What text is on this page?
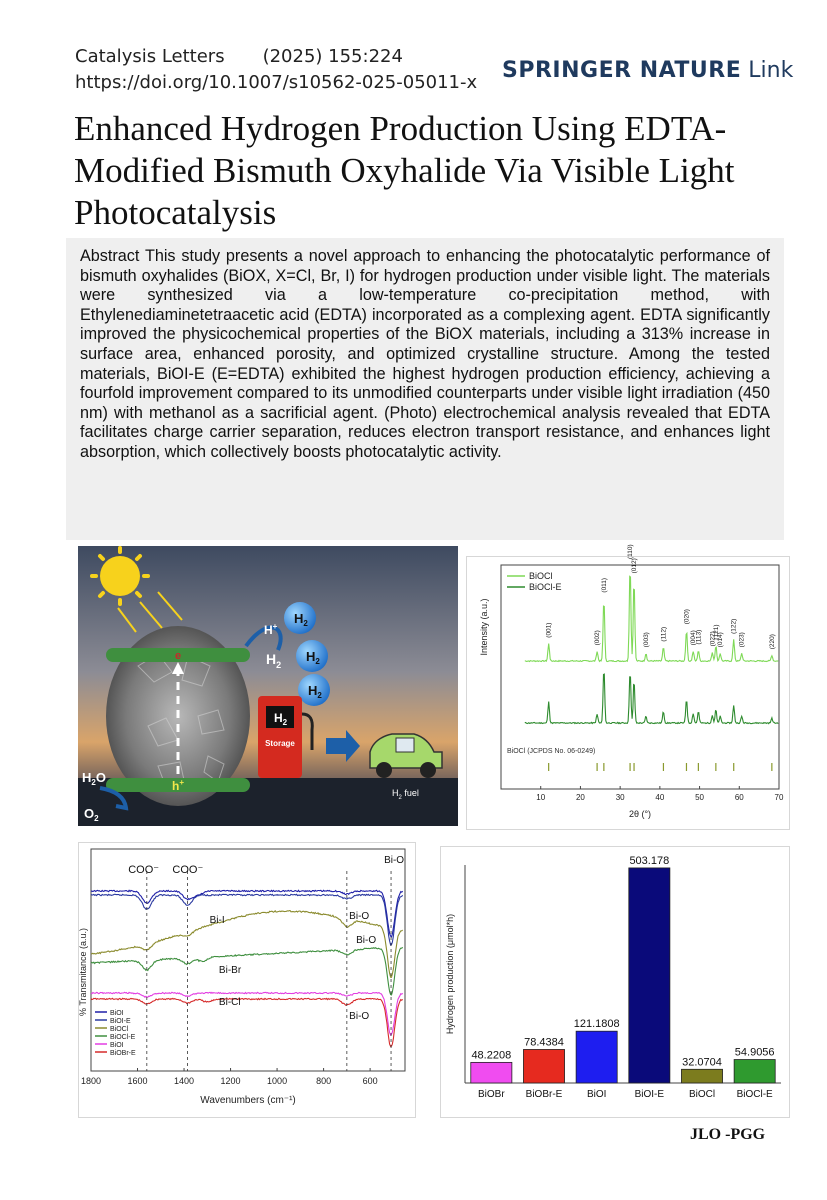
Catalysis Letters (2025) 155:224
https://doi.org/10.1007/s10562-025-05011-x SPRINGER NATURE Link
Enhanced Hydrogen Production Using EDTA-Modified Bismuth Oxyhalide Via Visible Light Photocatalysis
Abstract This study presents a novel approach to enhancing the photocatalytic performance of bismuth oxyhalides (BiOX, X=Cl, Br, I) for hydrogen production under visible light. The materials were synthesized via a low-temperature co-precipitation method, with Ethylenediaminetetraacetic acid (EDTA) incorporated as a complexing agent. EDTA significantly improved the physicochemical properties of the BiOX materials, including a 313% increase in surface area, enhanced porosity, and optimized crystalline structure. Among the tested materials, BiOI-E (E=EDTA) exhibited the highest hydrogen production efficiency, achieving a fourfold improvement compared to its unmodified counterparts under visible light irradiation (450 nm) with methanol as a sacrificial agent. (Photo) electrochemical analysis revealed that EDTA facilitates charge carrier separation, reduces electron transport resistance, and enhances light absorption, which collectively boosts photocatalytic activity.
e
h+
H+
$H_2$
$H_2$
$H_2$
$H_2$
$H_2$
Storage
$H_2$ fuel
$H_2O$
$O_2$
(001)
(002)
(011)
(110)
(012)
(003) (112)
(020)
(004)
(113) (022)
(121)
(014)
(122)
(023)	(220)
BiOCl
BiOCl-E
BiOCl (JCPDS No. 06-0249)
10	20	30	40	50	60	70
2θ (°)
Intensity (a.u.)
COO⁻ COO⁻
Bi-O
Bi-I	Bi-O
Bi-O
Bi-Br
Bi-Cl
Bi-O
BiOI
BiOI-E
BiOCl
BiOCl-E
BiOI
BiOBr-E
1800	1600	1400	1200	1000	800	600
Wavenumbers (cm⁻¹)
% Transmitance (a.u.)
48.2208
BiOBr
78.4384
BiOBr-E
121.1808
BiOI
503.178
BiOI-E
32.0704
BiOCl
54.9056
BiOCl-E
Hydrogen production (μmol*h)
JLO -PGG
